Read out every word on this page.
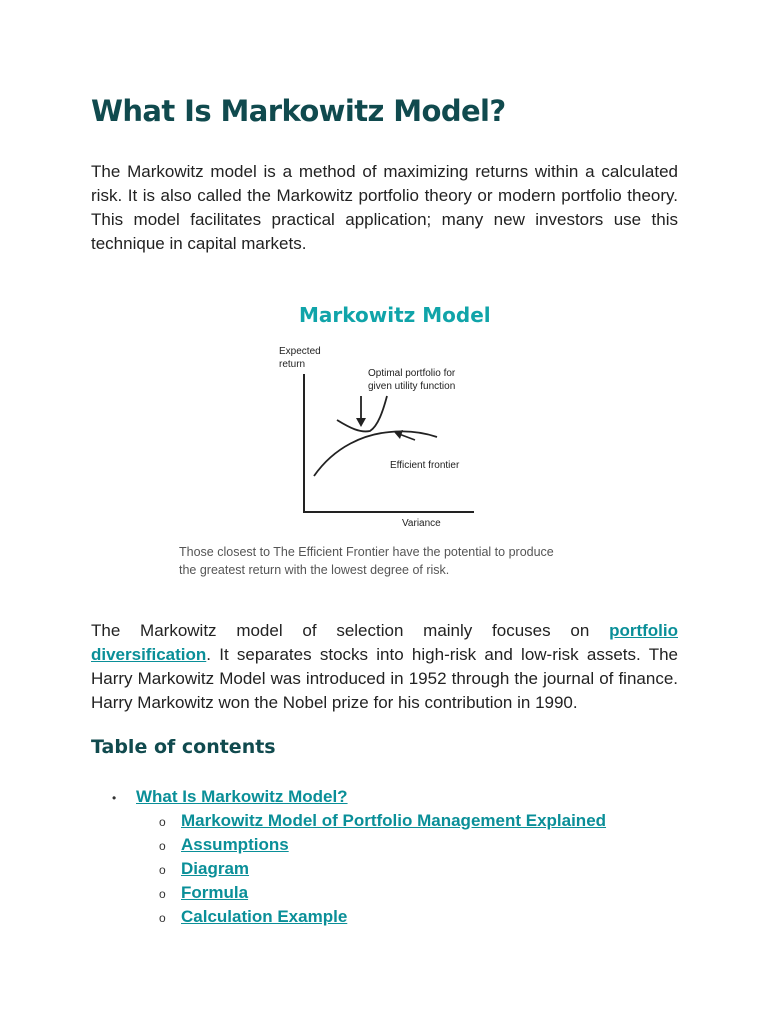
What Is Markowitz Model?

The Markowitz model is a method of maximizing returns within a calculated risk. It is also called the Markowitz portfolio theory or modern portfolio theory. This model facilitates practical application; many new investors use this technique in capital markets.

Markowitz Model
Expected
return
Optimal portfolio for
given utility function
Efficient frontier
Variance
Those closest to The Efficient Frontier have the potential to produce
the greatest return with the lowest degree of risk.

The Markowitz model of selection mainly focuses on portfolio diversification. It separates stocks into high-risk and low-risk assets. The Harry Markowitz Model was introduced in 1952 through the journal of finance. Harry Markowitz won the Nobel prize for his contribution in 1990.

Table of contents
• What Is Markowitz Model?
o Markowitz Model of Portfolio Management Explained
o Assumptions
o Diagram
o Formula
o Calculation Example
